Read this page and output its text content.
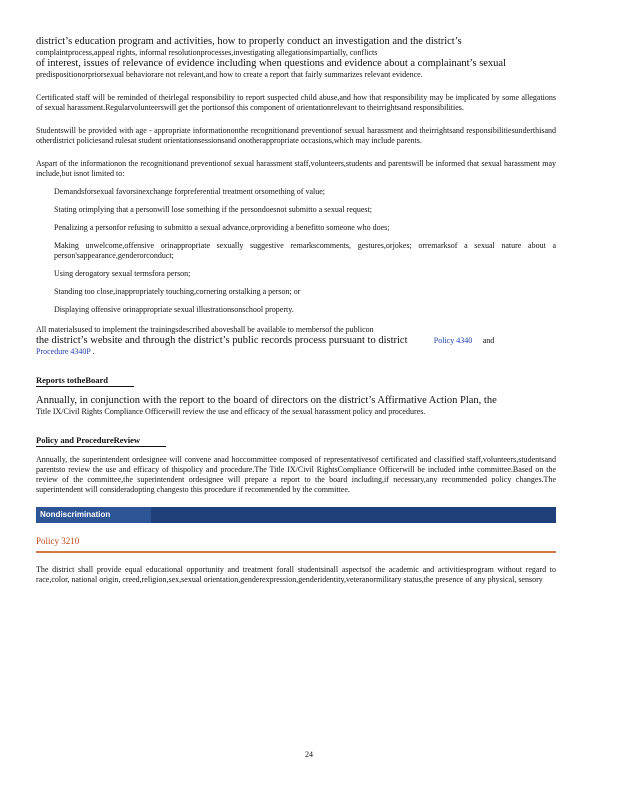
district’s education program and activities, how to properly conduct an investigation and the district’s

complaintprocess,appeal rights, informal resolutionprocesses,investigating allegationsimpartially, conflicts

of interest, issues of relevance of evidence including when questions and evidence about a complainant’s sexual

predispositionorpriorsexual behaviorare not relevant,and how to create a report that fairly summarizes relevant evidence.

Certificated staff will be reminded of theirlegal responsibility to report suspected child abuse,and how that responsibility may be implicated by some allegations of sexual harassment.Regularvolunteerswill get the portionsof this component of orientationrelevant to theirrightsand responsibilities.

Studentswill be provided with age - appropriate informationonthe recognitionand preventionof sexual harassment and theirrightsand responsibilitiesunderthisand otherdistrict policiesand rulesat student orientationsessionsand onotherappropriate occasions,which may include parents.

Aspart of the informationon the recognitionand preventionof sexual harassment staff,volunteers,students and parentswill be informed that sexual harassment may include,but isnot limited to:

Demandsforsexual favorsinexchange forpreferential treatment orsomething of value;
Stating orimplying that a personwill lose something if the persondoesnot submitto a sexual request;
Penalizing a personfor refusing to submitto a sexual advance,orproviding a benefitto someone who does;
Making unwelcome,offensive orinappropriate sexually suggestive remarkscomments, gestures,orjokes; orremarksof a sexual nature about a person'sappearance,genderorconduct;
Using derogatory sexual termsfora person;
Standing too close,inappropriately touching,cornering orstalking a person; or
Displaying offensive orinappropriate sexual illustrationsonschool property.

All materialsused to implement the trainingsdescribed aboveshall be available to membersof the publicon

the district’s website and through the district’s public records process pursuant to district	Policy 4340 and

Procedure 4340P .

Reports totheBoard

Annually, in conjunction with the report to the board of directors on the district’s Affirmative Action Plan, the

Title IX/Civil Rights Compliance Officerwill review the use and efficacy of the sexual harassment policy and procedures.

Policy and ProcedureReview

Annually, the superintendent ordesignee will convene anad hoccommittee composed of representativesof certificated and classified staff,volunteers,studentsand parentsto review the use and efficacy of thispolicy and procedure.The Title IX/Civil RightsCompliance Officerwill be included inthe committee.Based on the review of the committee,the superintendent ordesignee will prepare a report to the board including,if necessary,any recommended policy changes.The superintendent will consideradopting changesto this procedure if recommended by the committee.

Nondiscrimination

Policy 3210

The district shall provide equal educational opportunity and treatment forall studentsinall aspectsof the academic and activitiesprogram without regard to race,color, national origin, creed,religion,sex,sexual orientation,genderexpression,genderidentity,veteranormilitary status,the presence of any physical, sensory

24
